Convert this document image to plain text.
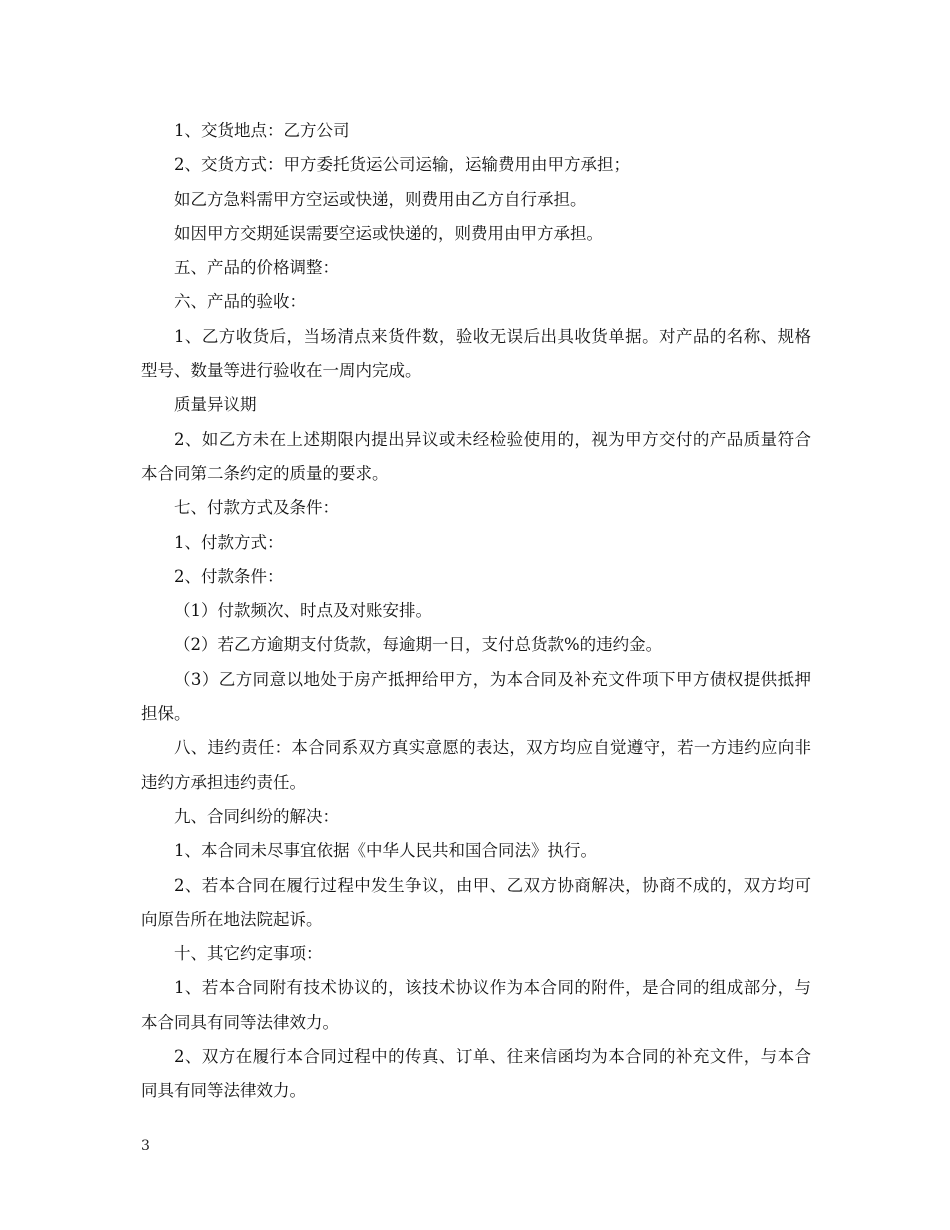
1、交货地点：乙方公司

2、交货方式：甲方委托货运公司运输，运输费用由甲方承担；

如乙方急料需甲方空运或快递，则费用由乙方自行承担。

如因甲方交期延误需要空运或快递的，则费用由甲方承担。

五、产品的价格调整：

六、产品的验收：

1、乙方收货后，当场清点来货件数，验收无误后出具收货单据。对产品的名称、规格型号、数量等进行验收在一周内完成。

质量异议期

2、如乙方未在上述期限内提出异议或未经检验使用的，视为甲方交付的产品质量符合本合同第二条约定的质量的要求。

七、付款方式及条件：

1、付款方式：

2、付款条件：

（1）付款频次、时点及对账安排。

（2）若乙方逾期支付货款，每逾期一日，支付总货款%的违约金。

（3）乙方同意以地处于房产抵押给甲方，为本合同及补充文件项下甲方债权提供抵押担保。

八、违约责任：本合同系双方真实意愿的表达，双方均应自觉遵守，若一方违约应向非违约方承担违约责任。

九、合同纠纷的解决：

1、本合同未尽事宜依据《中华人民共和国合同法》执行。

2、若本合同在履行过程中发生争议，由甲、乙双方协商解决，协商不成的，双方均可向原告所在地法院起诉。

十、其它约定事项：

1、若本合同附有技术协议的，该技术协议作为本合同的附件，是合同的组成部分，与本合同具有同等法律效力。

2、双方在履行本合同过程中的传真、订单、往来信函均为本合同的补充文件，与本合同具有同等法律效力。

3
